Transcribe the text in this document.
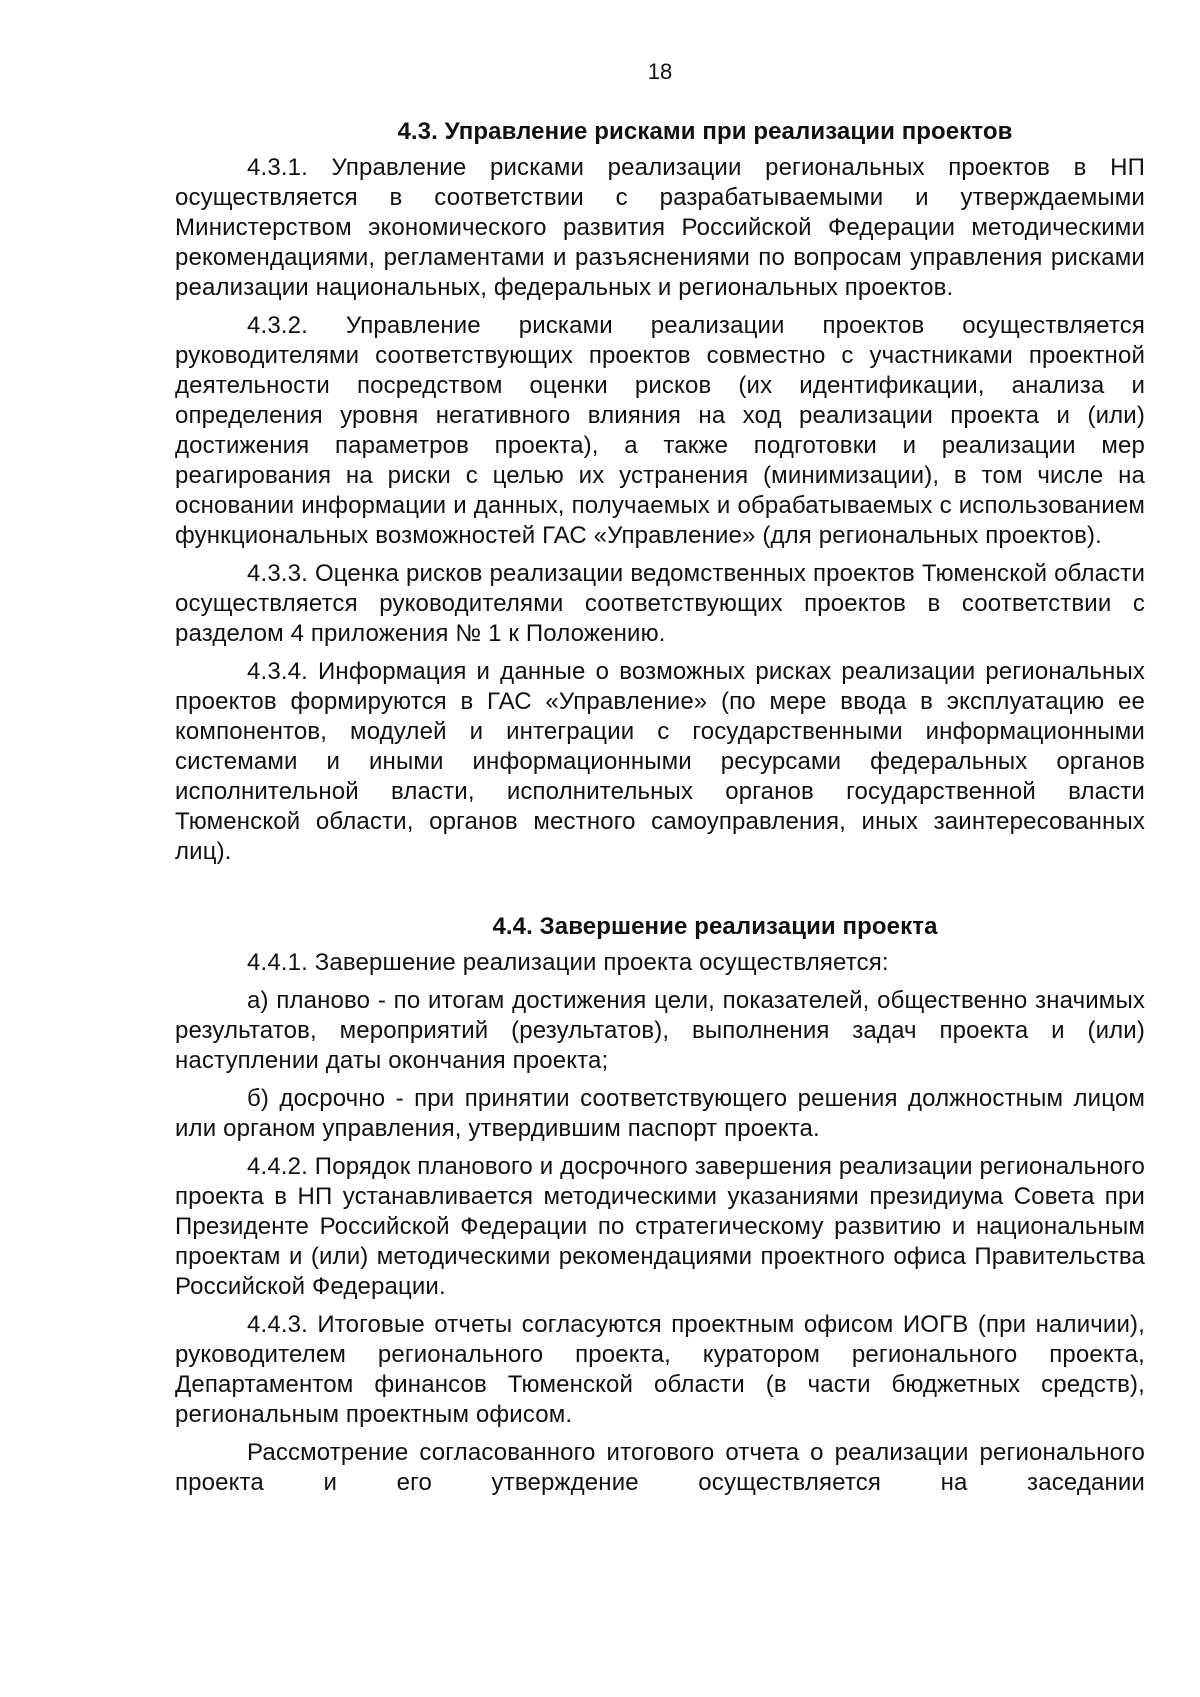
18
4.3. Управление рисками при реализации проектов

4.3.1. Управление рисками реализации региональных проектов в НП осуществляется в соответствии с разрабатываемыми и утверждаемыми Министерством экономического развития Российской Федерации методическими рекомендациями, регламентами и разъяснениями по вопросам управления рисками реализации национальных, федеральных и региональных проектов.

4.3.2. Управление рисками реализации проектов осуществляется руководителями соответствующих проектов совместно с участниками проектной деятельности посредством оценки рисков (их идентификации, анализа и определения уровня негативного влияния на ход реализации проекта и (или) достижения параметров проекта), а также подготовки и реализации мер реагирования на риски с целью их устранения (минимизации), в том числе на основании информации и данных, получаемых и обрабатываемых с использованием функциональных возможностей ГАС «Управление» (для региональных проектов).

4.3.3. Оценка рисков реализации ведомственных проектов Тюменской области осуществляется руководителями соответствующих проектов в соответствии с разделом 4 приложения № 1 к Положению.

4.3.4. Информация и данные о возможных рисках реализации региональных проектов формируются в ГАС «Управление» (по мере ввода в эксплуатацию ее компонентов, модулей и интеграции с государственными информационными системами и иными информационными ресурсами федеральных органов исполнительной власти, исполнительных органов государственной власти Тюменской области, органов местного самоуправления, иных заинтересованных лиц).

4.4. Завершение реализации проекта

4.4.1. Завершение реализации проекта осуществляется:

а) планово - по итогам достижения цели, показателей, общественно значимых результатов, мероприятий (результатов), выполнения задач проекта и (или) наступлении даты окончания проекта;

б) досрочно - при принятии соответствующего решения должностным лицом или органом управления, утвердившим паспорт проекта.

4.4.2. Порядок планового и досрочного завершения реализации регионального проекта в НП устанавливается методическими указаниями президиума Совета при Президенте Российской Федерации по стратегическому развитию и национальным проектам и (или) методическими рекомендациями проектного офиса Правительства Российской Федерации.

4.4.3. Итоговые отчеты согласуются проектным офисом ИОГВ (при наличии), руководителем регионального проекта, куратором регионального проекта, Департаментом финансов Тюменской области (в части бюджетных средств), региональным проектным офисом.

Рассмотрение согласованного итогового отчета о реализации регионального проекта и его утверждение осуществляется на заседании
